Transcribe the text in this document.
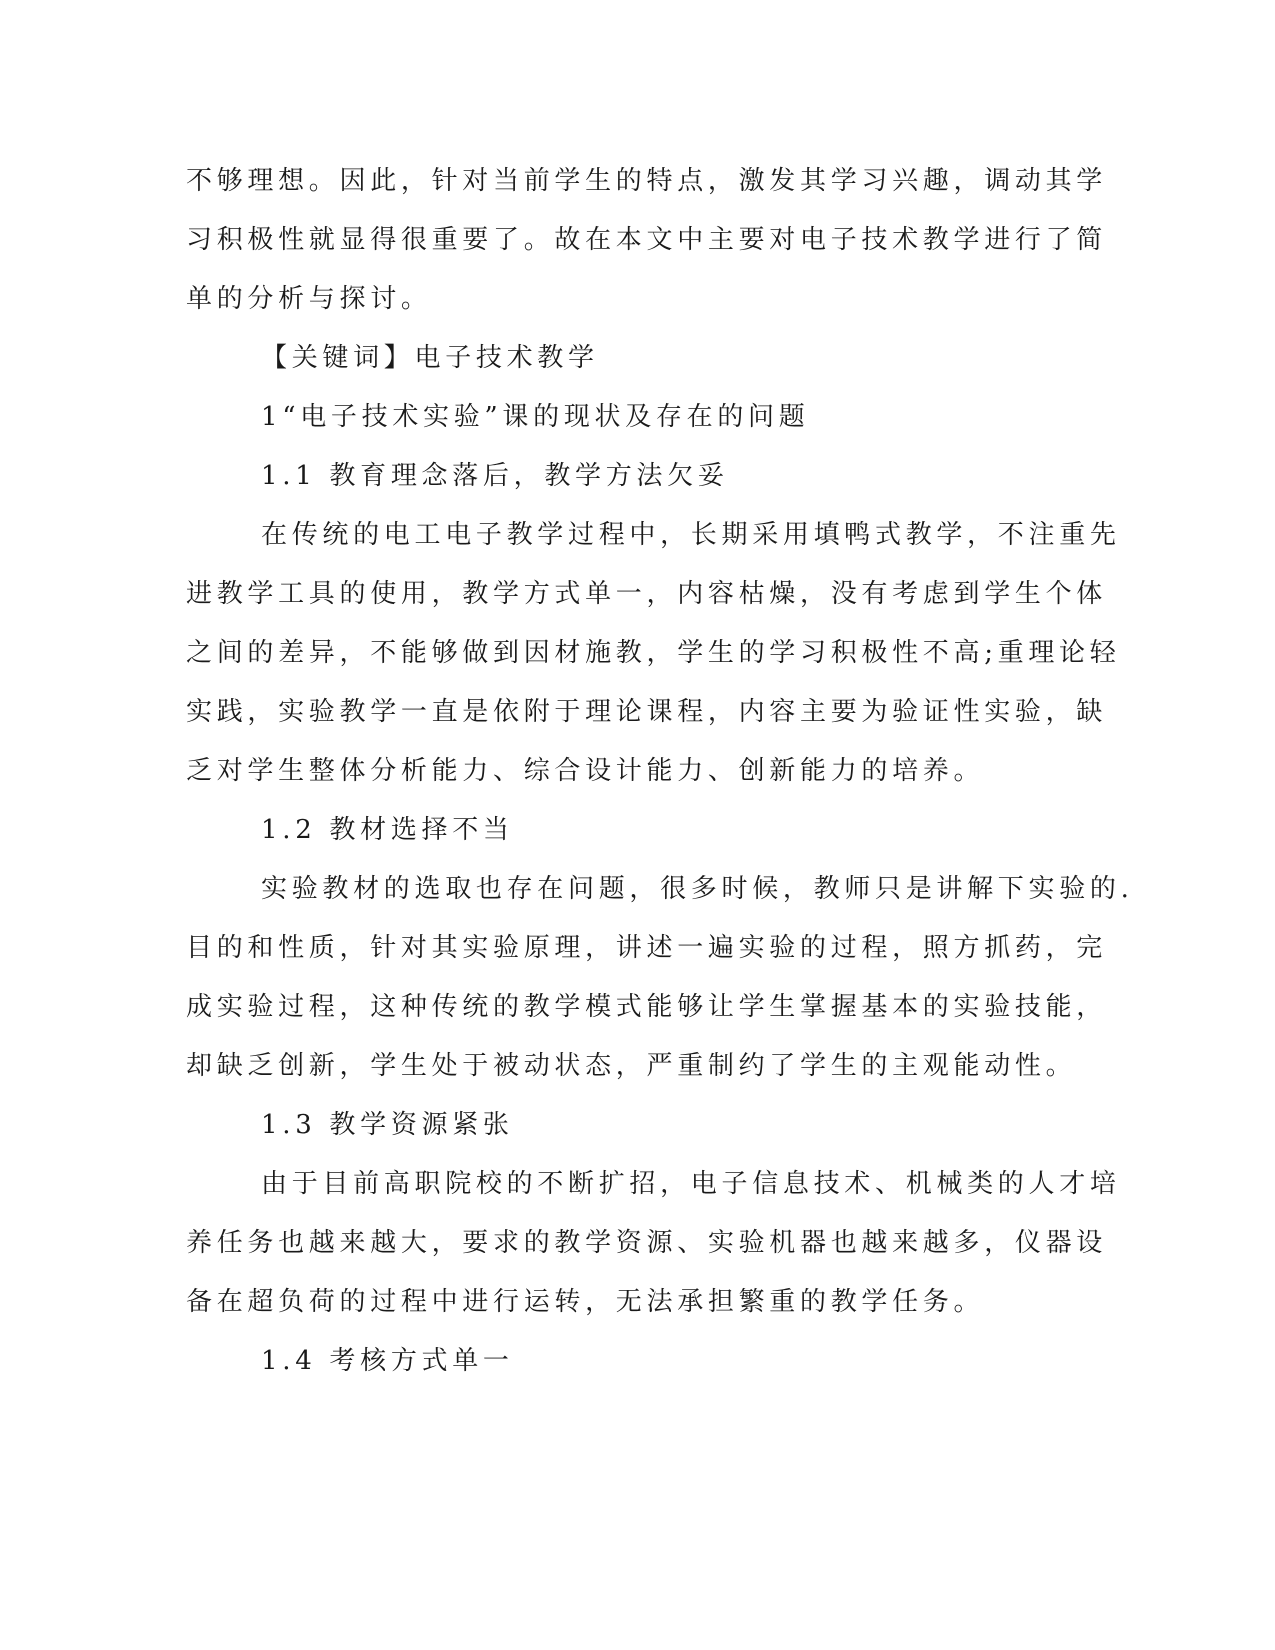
不够理想。因此，针对当前学生的特点，激发其学习兴趣，调动其学
习积极性就显得很重要了。故在本文中主要对电子技术教学进行了简
单的分析与探讨。
【关键词】电子技术教学
1“电子技术实验”课的现状及存在的问题
1.1 教育理念落后，教学方法欠妥
在传统的电工电子教学过程中，长期采用填鸭式教学，不注重先
进教学工具的使用，教学方式单一，内容枯燥，没有考虑到学生个体
之间的差异，不能够做到因材施教，学生的学习积极性不高;重理论轻
实践，实验教学一直是依附于理论课程，内容主要为验证性实验，缺
乏对学生整体分析能力、综合设计能力、创新能力的培养。
1.2 教材选择不当
实验教材的选取也存在问题，很多时候，教师只是讲解下实验的.
目的和性质，针对其实验原理，讲述一遍实验的过程，照方抓药，完
成实验过程，这种传统的教学模式能够让学生掌握基本的实验技能，
却缺乏创新，学生处于被动状态，严重制约了学生的主观能动性。
1.3 教学资源紧张
由于目前高职院校的不断扩招，电子信息技术、机械类的人才培
养任务也越来越大，要求的教学资源、实验机器也越来越多，仪器设
备在超负荷的过程中进行运转，无法承担繁重的教学任务。
1.4 考核方式单一
